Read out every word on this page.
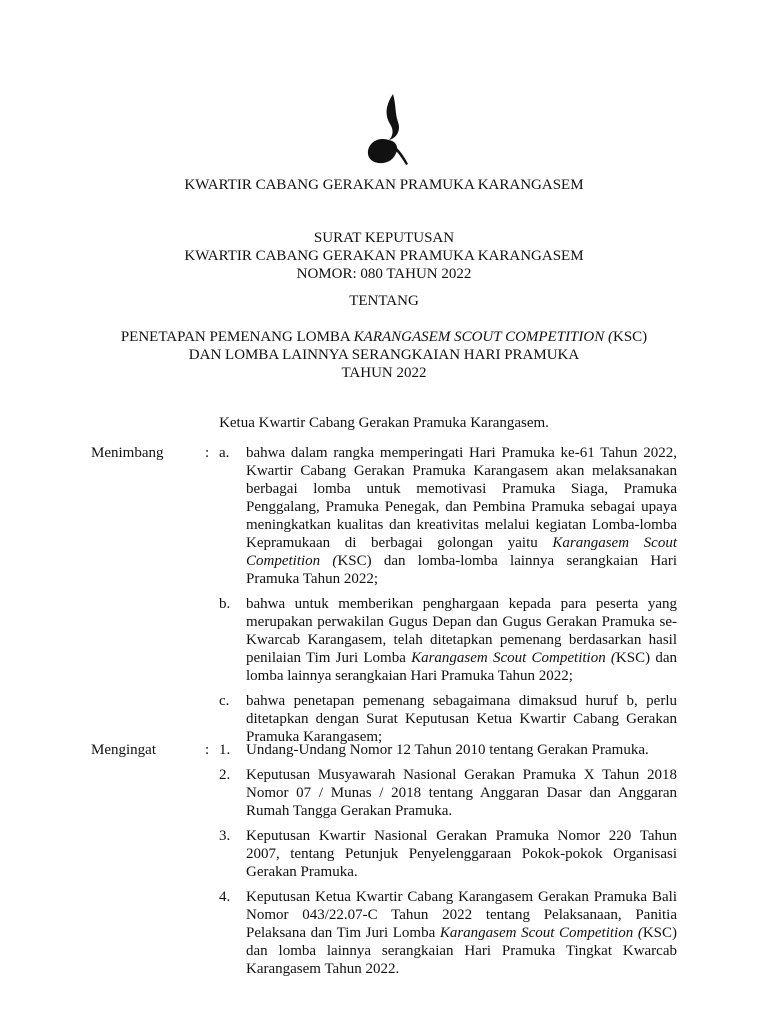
KWARTIR CABANG GERAKAN PRAMUKA KARANGASEM
SURAT KEPUTUSAN
KWARTIR CABANG GERAKAN PRAMUKA KARANGASEM
NOMOR: 080 TAHUN 2022
TENTANG
PENETAPAN PEMENANG LOMBA KARANGASEM SCOUT COMPETITION (KSC)
DAN LOMBA LAINNYA SERANGKAIAN HARI PRAMUKA
TAHUN 2022
Ketua Kwartir Cabang Gerakan Pramuka Karangasem.
Menimbang	: a. bahwa dalam rangka memperingati Hari Pramuka ke-61 Tahun 2022, Kwartir Cabang Gerakan Pramuka Karangasem akan melaksanakan berbagai lomba untuk memotivasi Pramuka Siaga, Pramuka Penggalang, Pramuka Penegak, dan Pembina Pramuka sebagai upaya meningkatkan kualitas dan kreativitas melalui kegiatan Lomba-lomba Kepramukaan di berbagai golongan yaitu Karangasem Scout Competition (KSC) dan lomba-lomba lainnya serangkaian Hari Pramuka Tahun 2022;
b. bahwa untuk memberikan penghargaan kepada para peserta yang merupakan perwakilan Gugus Depan dan Gugus Gerakan Pramuka se-Kwarcab Karangasem, telah ditetapkan pemenang berdasarkan hasil penilaian Tim Juri Lomba Karangasem Scout Competition (KSC) dan lomba lainnya serangkaian Hari Pramuka Tahun 2022;
c. bahwa penetapan pemenang sebagaimana dimaksud huruf b, perlu ditetapkan dengan Surat Keputusan Ketua Kwartir Cabang Gerakan Pramuka Karangasem;
Mengingat	: 1. Undang-Undang Nomor 12 Tahun 2010 tentang Gerakan Pramuka.
2. Keputusan Musyawarah Nasional Gerakan Pramuka X Tahun 2018 Nomor 07 / Munas / 2018 tentang Anggaran Dasar dan Anggaran Rumah Tangga Gerakan Pramuka.
3. Keputusan Kwartir Nasional Gerakan Pramuka Nomor 220 Tahun 2007, tentang Petunjuk Penyelenggaraan Pokok-pokok Organisasi Gerakan Pramuka.
4. Keputusan Ketua Kwartir Cabang Karangasem Gerakan Pramuka Bali Nomor 043/22.07-C Tahun 2022 tentang Pelaksanaan, Panitia Pelaksana dan Tim Juri Lomba Karangasem Scout Competition (KSC) dan lomba lainnya serangkaian Hari Pramuka Tingkat Kwarcab Karangasem Tahun 2022.
